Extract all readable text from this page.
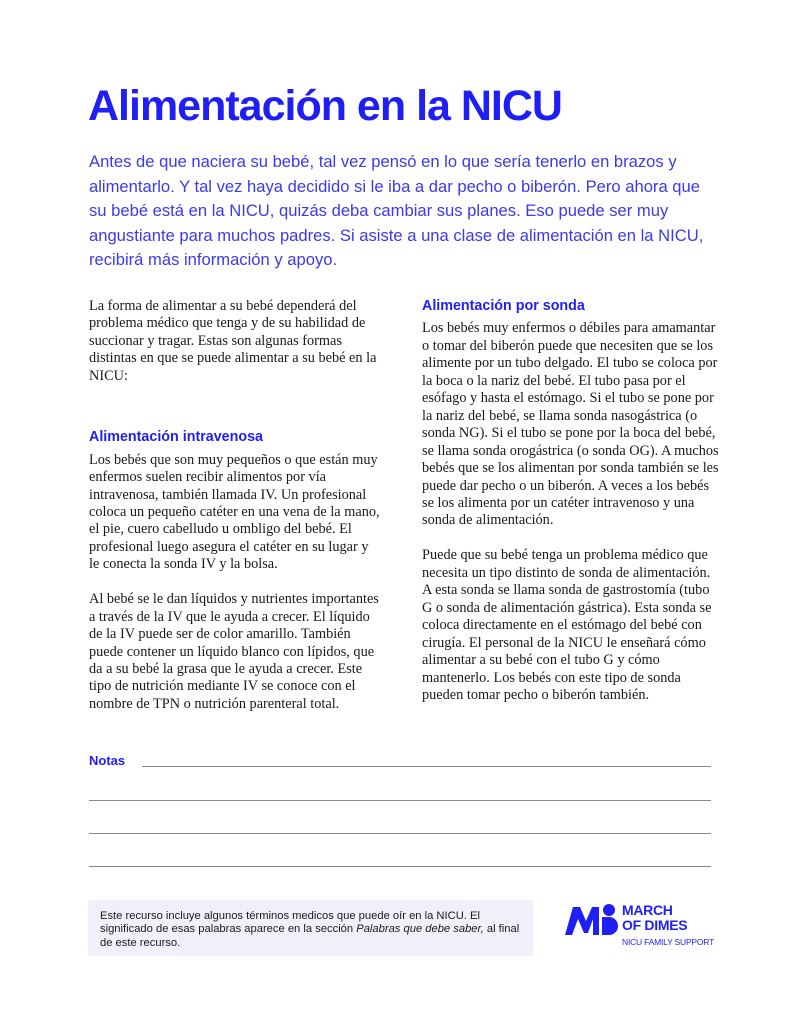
Alimentación en la NICU

Antes de que naciera su bebé, tal vez pensó en lo que sería tenerlo en brazos y alimentarlo. Y tal vez haya decidido si le iba a dar pecho o biberón. Pero ahora que su bebé está en la NICU, quizás deba cambiar sus planes. Eso puede ser muy angustiante para muchos padres. Si asiste a una clase de alimentación en la NICU, recibirá más información y apoyo.

La forma de alimentar a su bebé dependerá del problema médico que tenga y de su habilidad de succionar y tragar. Estas son algunas formas distintas en que se puede alimentar a su bebé en la NICU:

Alimentación intravenosa

Los bebés que son muy pequeños o que están muy enfermos suelen recibir alimentos por vía intravenosa, también llamada IV. Un profesional coloca un pequeño catéter en una vena de la mano, el pie, cuero cabelludo u ombligo del bebé. El profesional luego asegura el catéter en su lugar y le conecta la sonda IV y la bolsa.

Al bebé se le dan líquidos y nutrientes importantes a través de la IV que le ayuda a crecer. El líquido de la IV puede ser de color amarillo. También puede contener un líquido blanco con lípidos, que da a su bebé la grasa que le ayuda a crecer. Este tipo de nutrición mediante IV se conoce con el nombre de TPN o nutrición parenteral total.

Alimentación por sonda

Los bebés muy enfermos o débiles para amamantar o tomar del biberón puede que necesiten que se los alimente por un tubo delgado. El tubo se coloca por la boca o la nariz del bebé. El tubo pasa por el esófago y hasta el estómago. Si el tubo se pone por la nariz del bebé, se llama sonda nasogástrica (o sonda NG). Si el tubo se pone por la boca del bebé, se llama sonda orogástrica (o sonda OG). A muchos bebés que se los alimentan por sonda también se les puede dar pecho o un biberón. A veces a los bebés se los alimenta por un catéter intravenoso y una sonda de alimentación.

Puede que su bebé tenga un problema médico que necesita un tipo distinto de sonda de alimentación. A esta sonda se llama sonda de gastrostomía (tubo G o sonda de alimentación gástrica). Esta sonda se coloca directamente en el estómago del bebé con cirugía. El personal de la NICU le enseñará cómo alimentar a su bebé con el tubo G y cómo mantenerlo. Los bebés con este tipo de sonda pueden tomar pecho o biberón también.

Notas

Este recurso incluye algunos términos medicos que puede oír en la NICU. El significado de esas palabras aparece en la sección Palabras que debe saber, al final de este recurso.

MARCH
OF DIMES
NICU FAMILY SUPPORT
